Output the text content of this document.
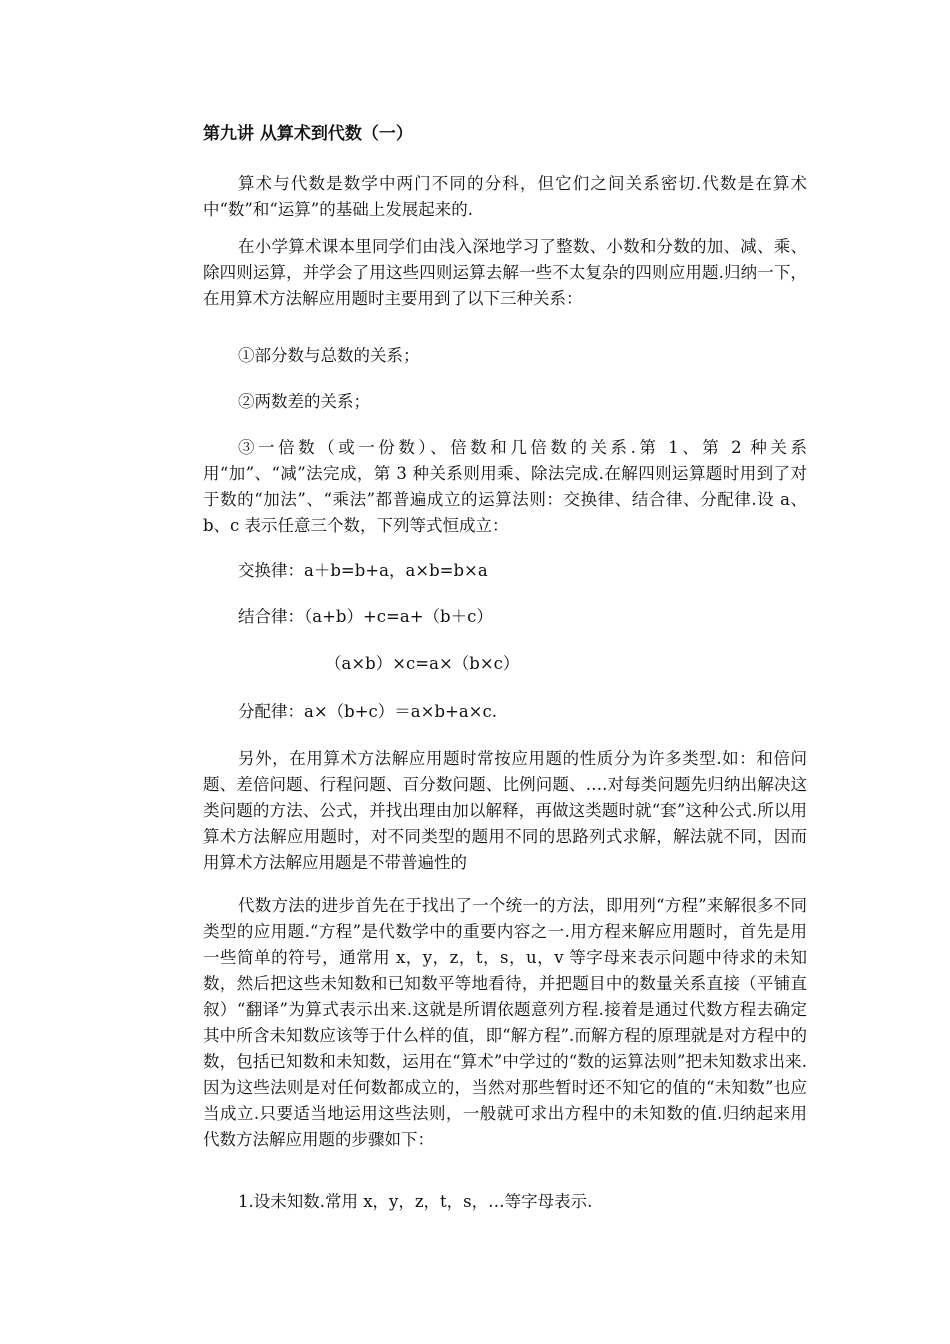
第九讲 从算术到代数（一）

算术与代数是数学中两门不同的分科，但它们之间关系密切.代数是在算术中“数”和“运算”的基础上发展起来的.

在小学算术课本里同学们由浅入深地学习了整数、小数和分数的加、减、乘、除四则运算，并学会了用这些四则运算去解一些不太复杂的四则应用题.归纳一下，在用算术方法解应用题时主要用到了以下三种关系：

①部分数与总数的关系；

②两数差的关系；

③一倍数（或一份数）、倍数和几倍数的关系.第 1、第 2 种关系用“加”、“减”法完成，第 3 种关系则用乘、除法完成.在解四则运算题时用到了对于数的“加法”、“乘法”都普遍成立的运算法则：交换律、结合律、分配律.设 a、b、c 表示任意三个数，下列等式恒成立：

交换律：a＋b=b+a，a×b=b×a
结合律：（a+b）+c=a+（b＋c）
（a×b）×c=a×（b×c）
分配律：a×（b+c）＝a×b+a×c.

另外，在用算术方法解应用题时常按应用题的性质分为许多类型.如：和倍问题、差倍问题、行程问题、百分数问题、比例问题、….对每类问题先归纳出解决这类问题的方法、公式，并找出理由加以解释，再做这类题时就“套”这种公式.所以用算术方法解应用题时，对不同类型的题用不同的思路列式求解，解法就不同，因而用算术方法解应用题是不带普遍性的

代数方法的进步首先在于找出了一个统一的方法，即用列“方程”来解很多不同类型的应用题.“方程”是代数学中的重要内容之一.用方程来解应用题时，首先是用一些简单的符号，通常用 x，y，z，t，s，u，v 等字母来表示问题中待求的未知数，然后把这些未知数和已知数平等地看待，并把题目中的数量关系直接（平铺直叙）“翻译”为算式表示出来.这就是所谓依题意列方程.接着是通过代数方程去确定其中所含未知数应该等于什么样的值，即“解方程”.而解方程的原理就是对方程中的数，包括已知数和未知数，运用在“算术”中学过的“数的运算法则”把未知数求出来.因为这些法则是对任何数都成立的，当然对那些暂时还不知它的值的“未知数”也应当成立.只要适当地运用这些法则，一般就可求出方程中的未知数的值.归纳起来用代数方法解应用题的步骤如下：

1.设未知数.常用 x，y，z，t，s，…等字母表示.
